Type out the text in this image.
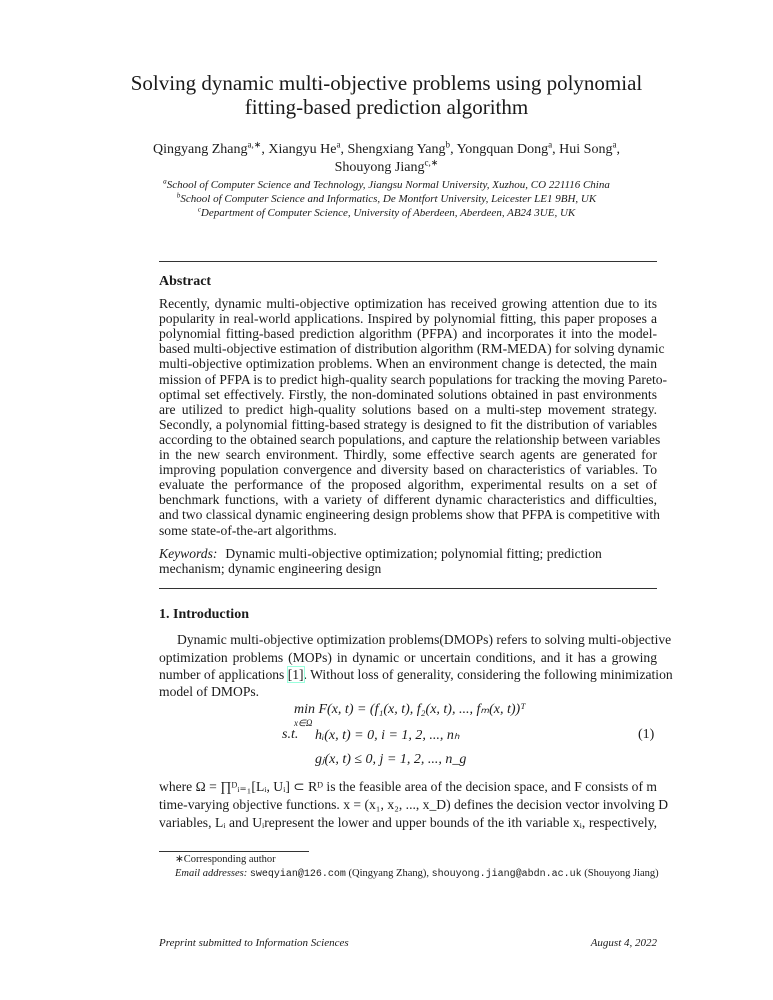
Solving dynamic multi-objective problems using polynomial
fitting-based prediction algorithm
Qingyang Zhang$^{a,∗}$, Xiangyu He$^a$, Shengxiang Yang$^b$, Yongquan Dong$^a$, Hui Song$^a$,
Shouyong Jiang$^{c,∗}$
$^a$School of Computer Science and Technology, Jiangsu Normal University, Xuzhou, CO 221116 China
$^b$School of Computer Science and Informatics, De Montfort University, Leicester LE1 9BH, UK
$^c$Department of Computer Science, University of Aberdeen, Aberdeen, AB24 3UE, UK
Abstract
Recently, dynamic multi-objective optimization has received growing attention due to its
popularity in real-world applications. Inspired by polynomial fitting, this paper proposes a
polynomial fitting-based prediction algorithm (PFPA) and incorporates it into the model-
based multi-objective estimation of distribution algorithm (RM-MEDA) for solving dynamic
multi-objective optimization problems. When an environment change is detected, the main
mission of PFPA is to predict high-quality search populations for tracking the moving Pareto-
optimal set effectively. Firstly, the non-dominated solutions obtained in past environments
are utilized to predict high-quality solutions based on a multi-step movement strategy.
Secondly, a polynomial fitting-based strategy is designed to fit the distribution of variables
according to the obtained search populations, and capture the relationship between variables
in the new search environment. Thirdly, some effective search agents are generated for
improving population convergence and diversity based on characteristics of variables. To
evaluate the performance of the proposed algorithm, experimental results on a set of
benchmark functions, with a variety of different dynamic characteristics and difficulties,
and two classical dynamic engineering design problems show that PFPA is competitive with
some state-of-the-art algorithms.
Keywords: Dynamic multi-objective optimization; polynomial fitting; prediction
mechanism; dynamic engineering design
1. Introduction
Dynamic multi-objective optimization problems(DMOPs) refers to solving multi-objective
optimization problems (MOPs) in dynamic or uncertain conditions, and it has a growing
number of applications [1]. Without loss of generality, considering the following minimization
model of DMOPs.
min F(x, t) = (f₁(x, t), f₂(x, t), ..., fₘ(x, t))ᵀ
x∈Ω
s.t. hᵢ(x, t) = 0, i = 1, 2, ..., nₕ
gⱼ(x, t) ≤ 0, j = 1, 2, ..., n_g
(1)
where Ω = ∏ᴰᵢ₌₁[Lᵢ, Uᵢ] ⊂ Rᴰ is the feasible area of the decision space, and F consists of m
time-varying objective functions. x = (x₁, x₂, ..., x_D) defines the decision vector involving D
variables, Lᵢ and Uᵢrepresent the lower and upper bounds of the ith variable xᵢ, respectively,
∗Corresponding author
Email addresses: sweqyian@126.com (Qingyang Zhang), shouyong.jiang@abdn.ac.uk (Shouyong Jiang)
Preprint submitted to Information Sciences	August 4, 2022
